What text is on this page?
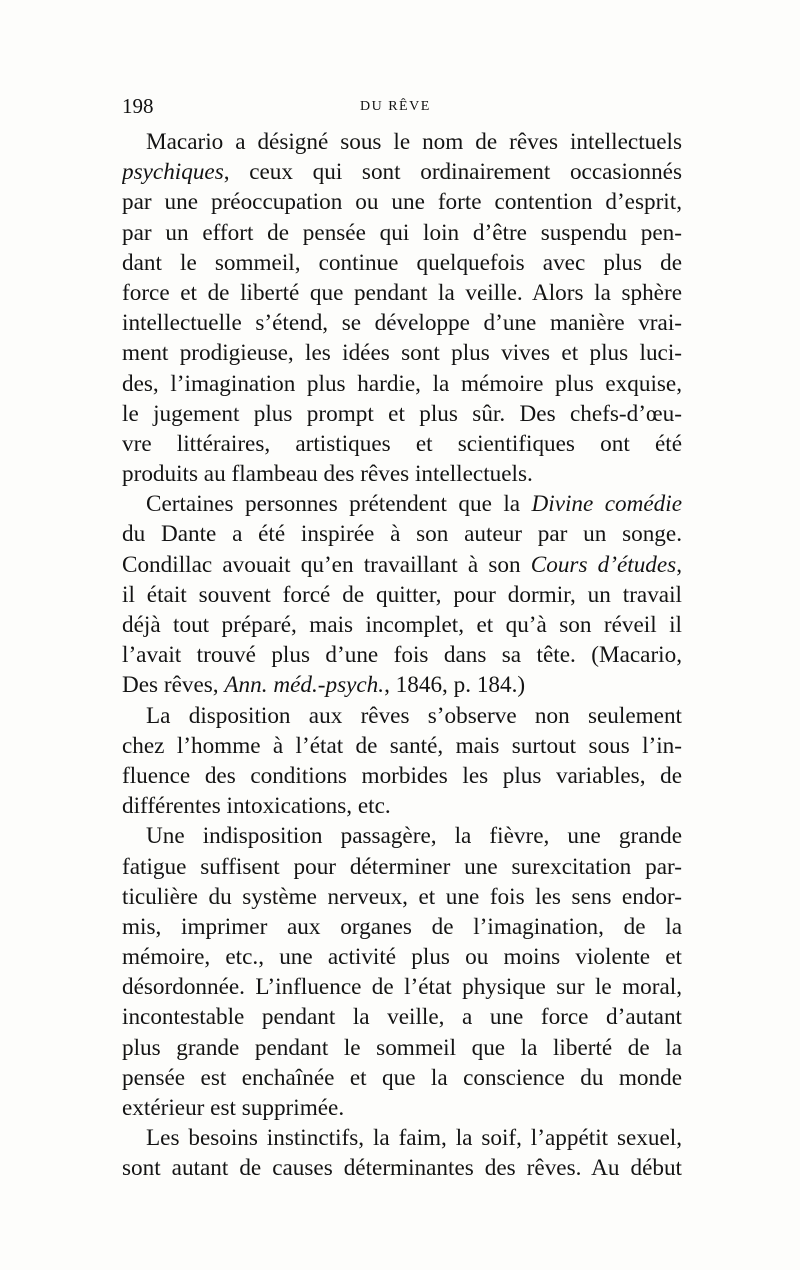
198	DU RÊVE
Macario a désigné sous le nom de rêves intellectuels
psychiques, ceux qui sont ordinairement occasionnés
par une préoccupation ou une forte contention d’esprit,
par un effort de pensée qui loin d’être suspendu pen-
dant le sommeil, continue quelquefois avec plus de
force et de liberté que pendant la veille. Alors la sphère
intellectuelle s’étend, se développe d’une manière vrai-
ment prodigieuse, les idées sont plus vives et plus luci-
des, l’imagination plus hardie, la mémoire plus exquise,
le jugement plus prompt et plus sûr. Des chefs-d’œu-
vre littéraires, artistiques et scientifiques ont été
produits au flambeau des rêves intellectuels.
Certaines personnes prétendent que la Divine comédie
du Dante a été inspirée à son auteur par un songe.
Condillac avouait qu’en travaillant à son Cours d’études,
il était souvent forcé de quitter, pour dormir, un travail
déjà tout préparé, mais incomplet, et qu’à son réveil il
l’avait trouvé plus d’une fois dans sa tête. (Macario,
Des rêves, Ann. méd.-psych., 1846, p. 184.)
La disposition aux rêves s’observe non seulement
chez l’homme à l’état de santé, mais surtout sous l’in-
fluence des conditions morbides les plus variables, de
différentes intoxications, etc.
Une indisposition passagère, la fièvre, une grande
fatigue suffisent pour déterminer une surexcitation par-
ticulière du système nerveux, et une fois les sens endor-
mis, imprimer aux organes de l’imagination, de la
mémoire, etc., une activité plus ou moins violente et
désordonnée. L’influence de l’état physique sur le moral,
incontestable pendant la veille, a une force d’autant
plus grande pendant le sommeil que la liberté de la
pensée est enchaînée et que la conscience du monde
extérieur est supprimée.
Les besoins instinctifs, la faim, la soif, l’appétit sexuel,
sont autant de causes déterminantes des rêves. Au début
